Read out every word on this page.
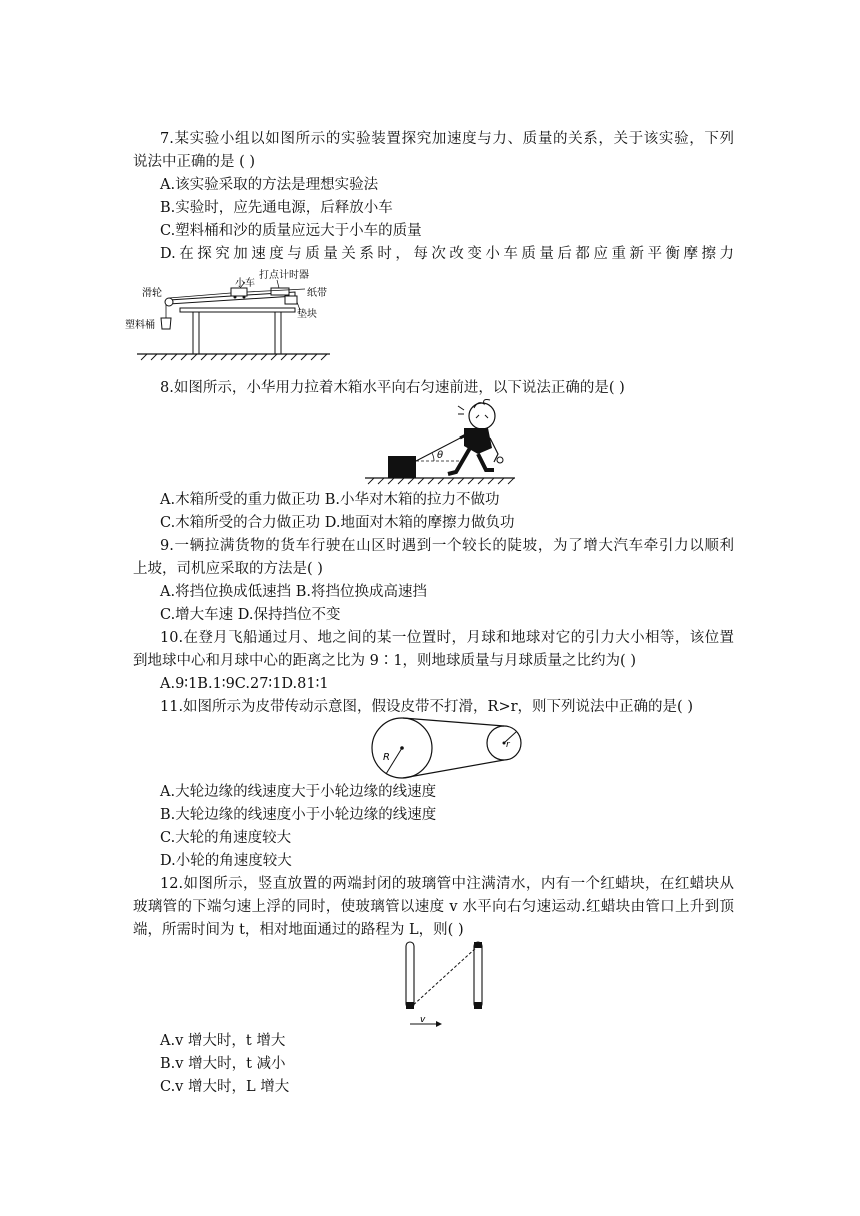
7.某实验小组以如图所示的实验装置探究加速度与力、质量的关系，关于该实验，下列
说法中正确的是 ( )
A.该实验采取的方法是理想实验法
B.实验时，应先通电源，后释放小车
C.塑料桶和沙的质量应远大于小车的质量
D.在探究加速度与质量关系时，每次改变小车质量后都应重新平衡摩擦力
打点计时器
小车
滑轮	纸带
塑料桶
垫块
8.如图所示，小华用力拉着木箱水平向右匀速前进，以下说法正确的是( )
θ
A.木箱所受的重力做正功 B.小华对木箱的拉力不做功
C.木箱所受的合力做正功 D.地面对木箱的摩擦力做负功
9.一辆拉满货物的货车行驶在山区时遇到一个较长的陡坡，为了增大汽车牵引力以顺利
上坡，司机应采取的方法是( )
A.将挡位换成低速挡 B.将挡位换成高速挡
C.增大车速 D.保持挡位不变
10.在登月飞船通过月、地之间的某一位置时，月球和地球对它的引力大小相等，该位置
到地球中心和月球中心的距离之比为 9∶1，则地球质量与月球质量之比约为( )
A.9∶1B.1∶9C.27∶1D.81∶1
11.如图所示为皮带传动示意图，假设皮带不打滑，R>r，则下列说法中正确的是( )
R
r
A.大轮边缘的线速度大于小轮边缘的线速度
B.大轮边缘的线速度小于小轮边缘的线速度
C.大轮的角速度较大
D.小轮的角速度较大
12.如图所示，竖直放置的两端封闭的玻璃管中注满清水，内有一个红蜡块，在红蜡块从
玻璃管的下端匀速上浮的同时，使玻璃管以速度 v 水平向右匀速运动.红蜡块由管口上升到顶
端，所需时间为 t，相对地面通过的路程为 L，则( )
v
A.v 增大时，t 增大
B.v 增大时，t 减小
C.v 增大时，L 增大
